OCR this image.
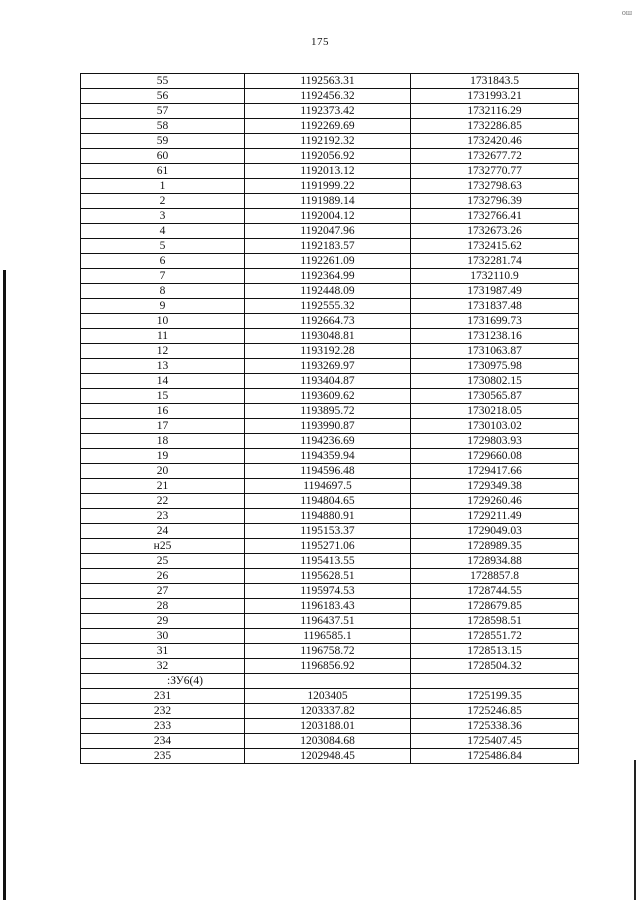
175
ош
55	1192563.31	1731843.5
56	1192456.32	1731993.21
57	1192373.42	1732116.29
58	1192269.69	1732286.85
59	1192192.32	1732420.46
60	1192056.92	1732677.72
61	1192013.12	1732770.77
1	1191999.22	1732798.63
2	1191989.14	1732796.39
3	1192004.12	1732766.41
4	1192047.96	1732673.26
5	1192183.57	1732415.62
6	1192261.09	1732281.74
7	1192364.99	1732110.9
8	1192448.09	1731987.49
9	1192555.32	1731837.48
10	1192664.73	1731699.73
11	1193048.81	1731238.16
12	1193192.28	1731063.87
13	1193269.97	1730975.98
14	1193404.87	1730802.15
15	1193609.62	1730565.87
16	1193895.72	1730218.05
17	1193990.87	1730103.02
18	1194236.69	1729803.93
19	1194359.94	1729660.08
20	1194596.48	1729417.66
21	1194697.5	1729349.38
22	1194804.65	1729260.46
23	1194880.91	1729211.49
24	1195153.37	1729049.03
н25	1195271.06	1728989.35
25	1195413.55	1728934.88
26	1195628.51	1728857.8
27	1195974.53	1728744.55
28	1196183.43	1728679.85
29	1196437.51	1728598.51
30	1196585.1	1728551.72
31	1196758.72	1728513.15
32	1196856.92	1728504.32
:ЗУ6(4)		
231	1203405	1725199.35
232	1203337.82	1725246.85
233	1203188.01	1725338.36
234	1203084.68	1725407.45
235	1202948.45	1725486.84
